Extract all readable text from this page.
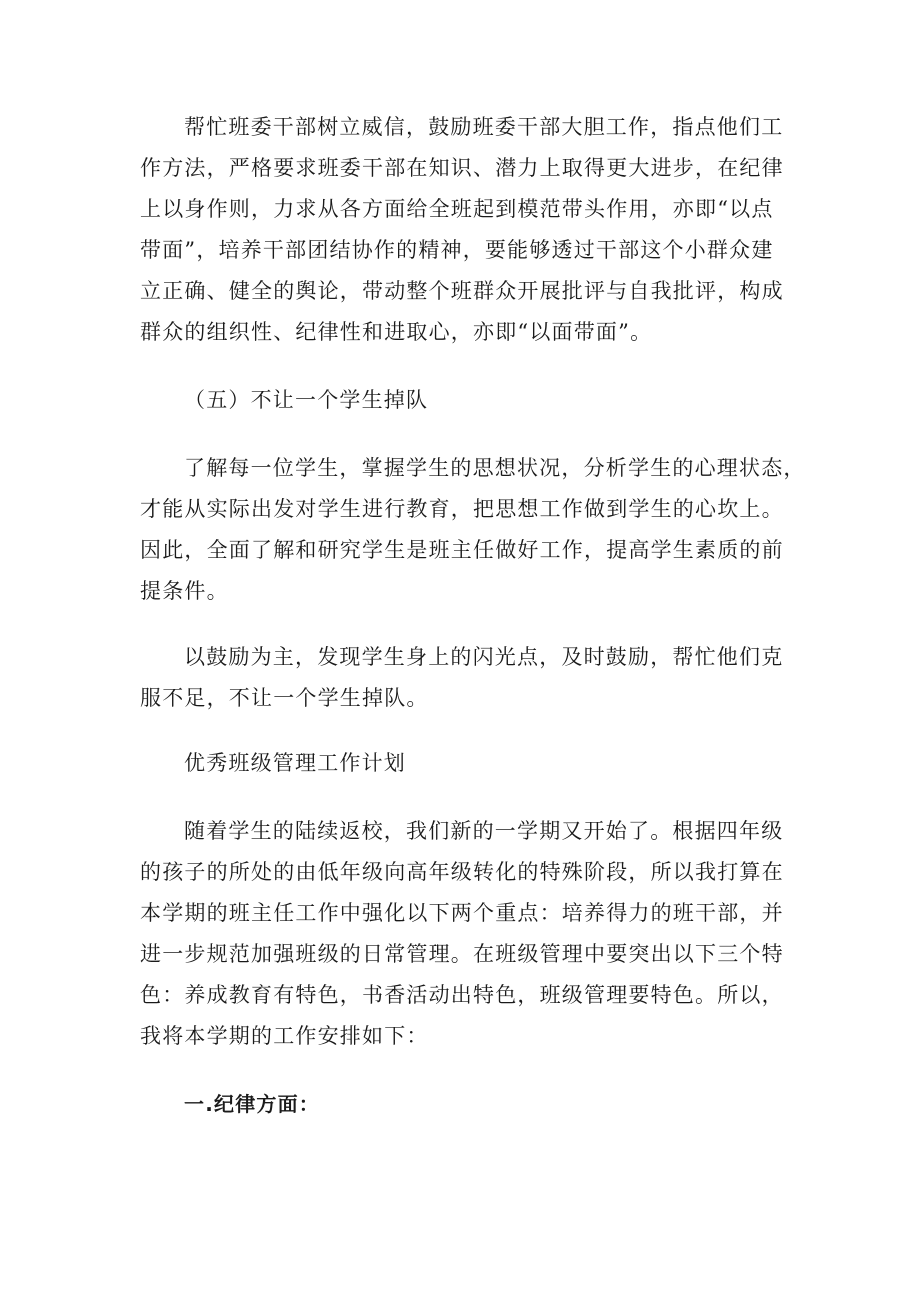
帮忙班委干部树立威信，鼓励班委干部大胆工作，指点他们工
作方法，严格要求班委干部在知识、潜力上取得更大进步，在纪律
上以身作则，力求从各方面给全班起到模范带头作用，亦即“以点
带面”，培养干部团结协作的精神，要能够透过干部这个小群众建
立正确、健全的舆论，带动整个班群众开展批评与自我批评，构成
群众的组织性、纪律性和进取心，亦即“以面带面”。
（五）不让一个学生掉队
了解每一位学生，掌握学生的思想状况，分析学生的心理状态，
才能从实际出发对学生进行教育，把思想工作做到学生的心坎上。
因此，全面了解和研究学生是班主任做好工作，提高学生素质的前
提条件。
以鼓励为主，发现学生身上的闪光点，及时鼓励，帮忙他们克
服不足，不让一个学生掉队。
优秀班级管理工作计划
随着学生的陆续返校，我们新的一学期又开始了。根据四年级
的孩子的所处的由低年级向高年级转化的特殊阶段，所以我打算在
本学期的班主任工作中强化以下两个重点：培养得力的班干部，并
进一步规范加强班级的日常管理。在班级管理中要突出以下三个特
色：养成教育有特色，书香活动出特色，班级管理要特色。所以，
我将本学期的工作安排如下：
一.纪律方面：
